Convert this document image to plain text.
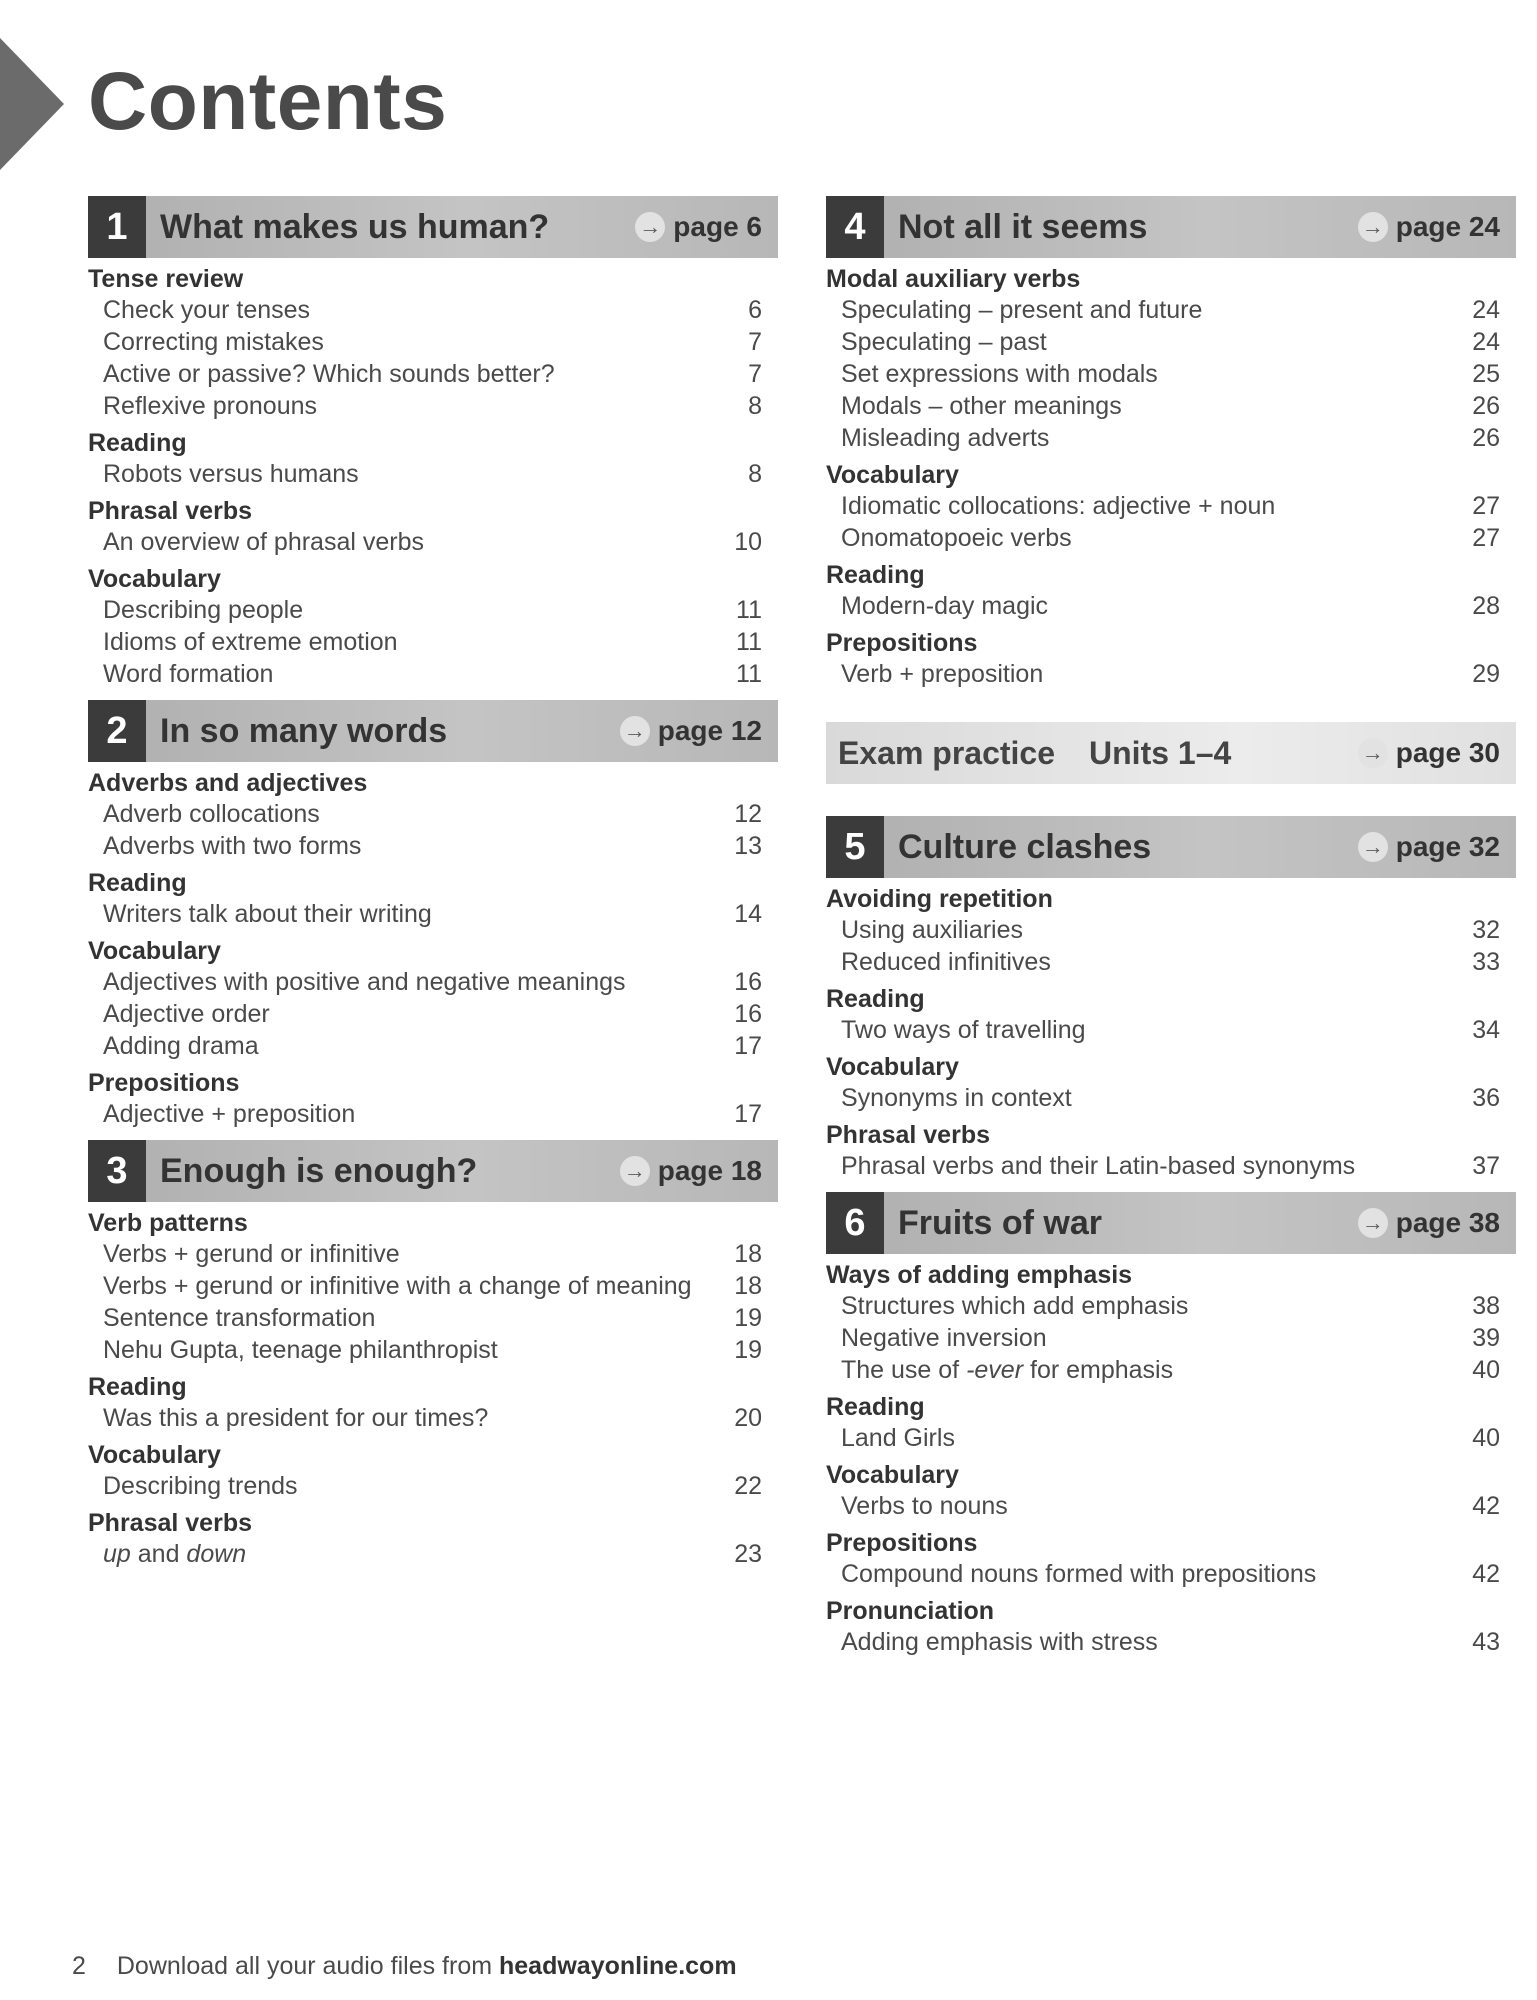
Contents
1 What makes us human?	→ page 6
Tense review
Check your tenses	6
Correcting mistakes	7
Active or passive? Which sounds better?	7
Reflexive pronouns	8
Reading
Robots versus humans	8
Phrasal verbs
An overview of phrasal verbs	10
Vocabulary
Describing people	11
Idioms of extreme emotion	11
Word formation	11
2 In so many words	→ page 12
Adverbs and adjectives
Adverb collocations	12
Adverbs with two forms	13
Reading
Writers talk about their writing	14
Vocabulary
Adjectives with positive and negative meanings	16
Adjective order	16
Adding drama	17
Prepositions
Adjective + preposition	17
3 Enough is enough?	→ page 18
Verb patterns
Verbs + gerund or infinitive	18
Verbs + gerund or infinitive with a change of meaning	18
Sentence transformation	19
Nehu Gupta, teenage philanthropist	19
Reading
Was this a president for our times?	20
Vocabulary
Describing trends	22
Phrasal verbs
up and down	23
4 Not all it seems	→ page 24
Modal auxiliary verbs
Speculating – present and future	24
Speculating – past	24
Set expressions with modals	25
Modals – other meanings	26
Misleading adverts	26
Vocabulary
Idiomatic collocations: adjective + noun	27
Onomatopoeic verbs	27
Reading
Modern-day magic	28
Prepositions
Verb + preposition	29
Exam practice	Units 1–4	→ page 30
5 Culture clashes	→ page 32
Avoiding repetition
Using auxiliaries	32
Reduced infinitives	33
Reading
Two ways of travelling	34
Vocabulary
Synonyms in context	36
Phrasal verbs
Phrasal verbs and their Latin-based synonyms	37
6 Fruits of war	→ page 38
Ways of adding emphasis
Structures which add emphasis	38
Negative inversion	39
The use of -ever for emphasis	40
Reading
Land Girls	40
Vocabulary
Verbs to nouns	42
Prepositions
Compound nouns formed with prepositions	42
Pronunciation
Adding emphasis with stress	43
2 Download all your audio files from headwayonline.com
